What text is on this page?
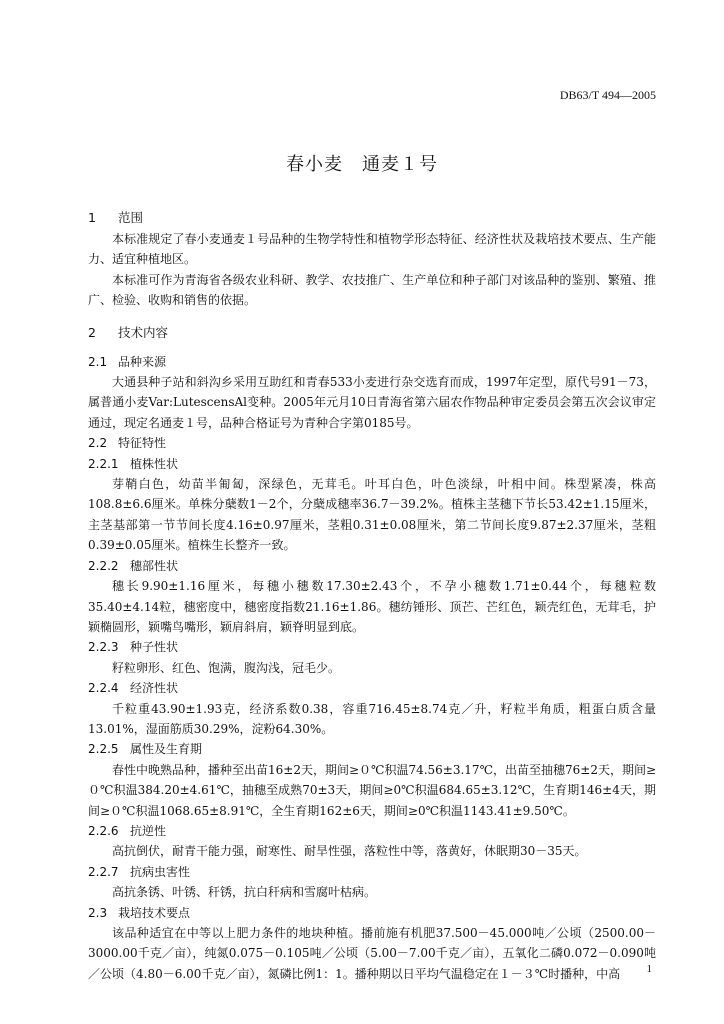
DB63/T 494—2005
春小麦　通麦１号
1 范围

本标准规定了春小麦通麦１号品种的生物学特性和植物学形态特征、经济性状及栽培技术要点、生产能力、适宜种植地区。

本标准可作为青海省各级农业科研、教学、农技推广、生产单位和种子部门对该品种的鉴别、繁殖、推广、检验、收购和销售的依据。

2 技术内容
2.1 品种来源

大通县种子站和斜沟乡采用互助红和青春533小麦进行杂交选育而成，1997年定型，原代号91－73，属普通小麦Var:LutescensAl变种。2005年元月10日青海省第六届农作物品种审定委员会第五次会议审定通过，现定名通麦１号，品种合格证号为青种合字第0185号。

2.2 特征特性
2.2.1 植株性状

芽鞘白色，幼苗半匍匐，深绿色，无茸毛。叶耳白色，叶色淡绿，叶相中间。株型紧凑，株高108.8±6.6厘米。单株分蘖数1－2个，分蘖成穗率36.7－39.2%。植株主茎穗下节长53.42±1.15厘米，主茎基部第一节节间长度4.16±0.97厘米，茎粗0.31±0.08厘米，第二节间长度9.87±2.37厘米，茎粗0.39±0.05厘米。植株生长整齐一致。

2.2.2 穗部性状

穗长9.90±1.16厘米，每穗小穗数17.30±2.43个，不孕小穗数1.71±0.44个，每穗粒数35.40±4.14粒，穗密度中，穗密度指数21.16±1.86。穗纺锤形、顶芒、芒红色，颖壳红色，无茸毛，护颖椭圆形，颖嘴鸟嘴形，颖肩斜肩，颖脊明显到底。

2.2.3 种子性状

籽粒卵形、红色、饱满，腹沟浅，冠毛少。

2.2.4 经济性状

千粒重43.90±1.93克，经济系数0.38，容重716.45±8.74克／升，籽粒半角质，粗蛋白质含量13.01%，湿面筋质30.29%，淀粉64.30%。

2.2.5 属性及生育期

春性中晚熟品种，播种至出苗16±2天，期间≥０℃积温74.56±3.17℃，出苗至抽穗76±2天，期间≥０℃积温384.20±4.61℃，抽穗至成熟70±3天，期间≥0℃积温684.65±3.12℃，生育期146±4天，期间≥０℃积温1068.65±8.91℃，全生育期162±6天，期间≥0℃积温1143.41±9.50℃。

2.2.6 抗逆性

高抗倒伏，耐青干能力强，耐寒性、耐旱性强，落粒性中等，落黄好，休眠期30－35天。

2.2.7 抗病虫害性

高抗条锈、叶锈、秆锈，抗白秆病和雪腐叶枯病。

2.3 栽培技术要点

该品种适宜在中等以上肥力条件的地块种植。播前施有机肥37.500－45.000吨／公顷（2500.00－3000.00千克／亩），纯氮0.075－0.105吨／公顷（5.00－7.00千克／亩），五氧化二磷0.072－0.090吨／公顷（4.80－6.00千克／亩），氮磷比例1：1。播种期以日平均气温稳定在１－３℃时播种，中高	1
